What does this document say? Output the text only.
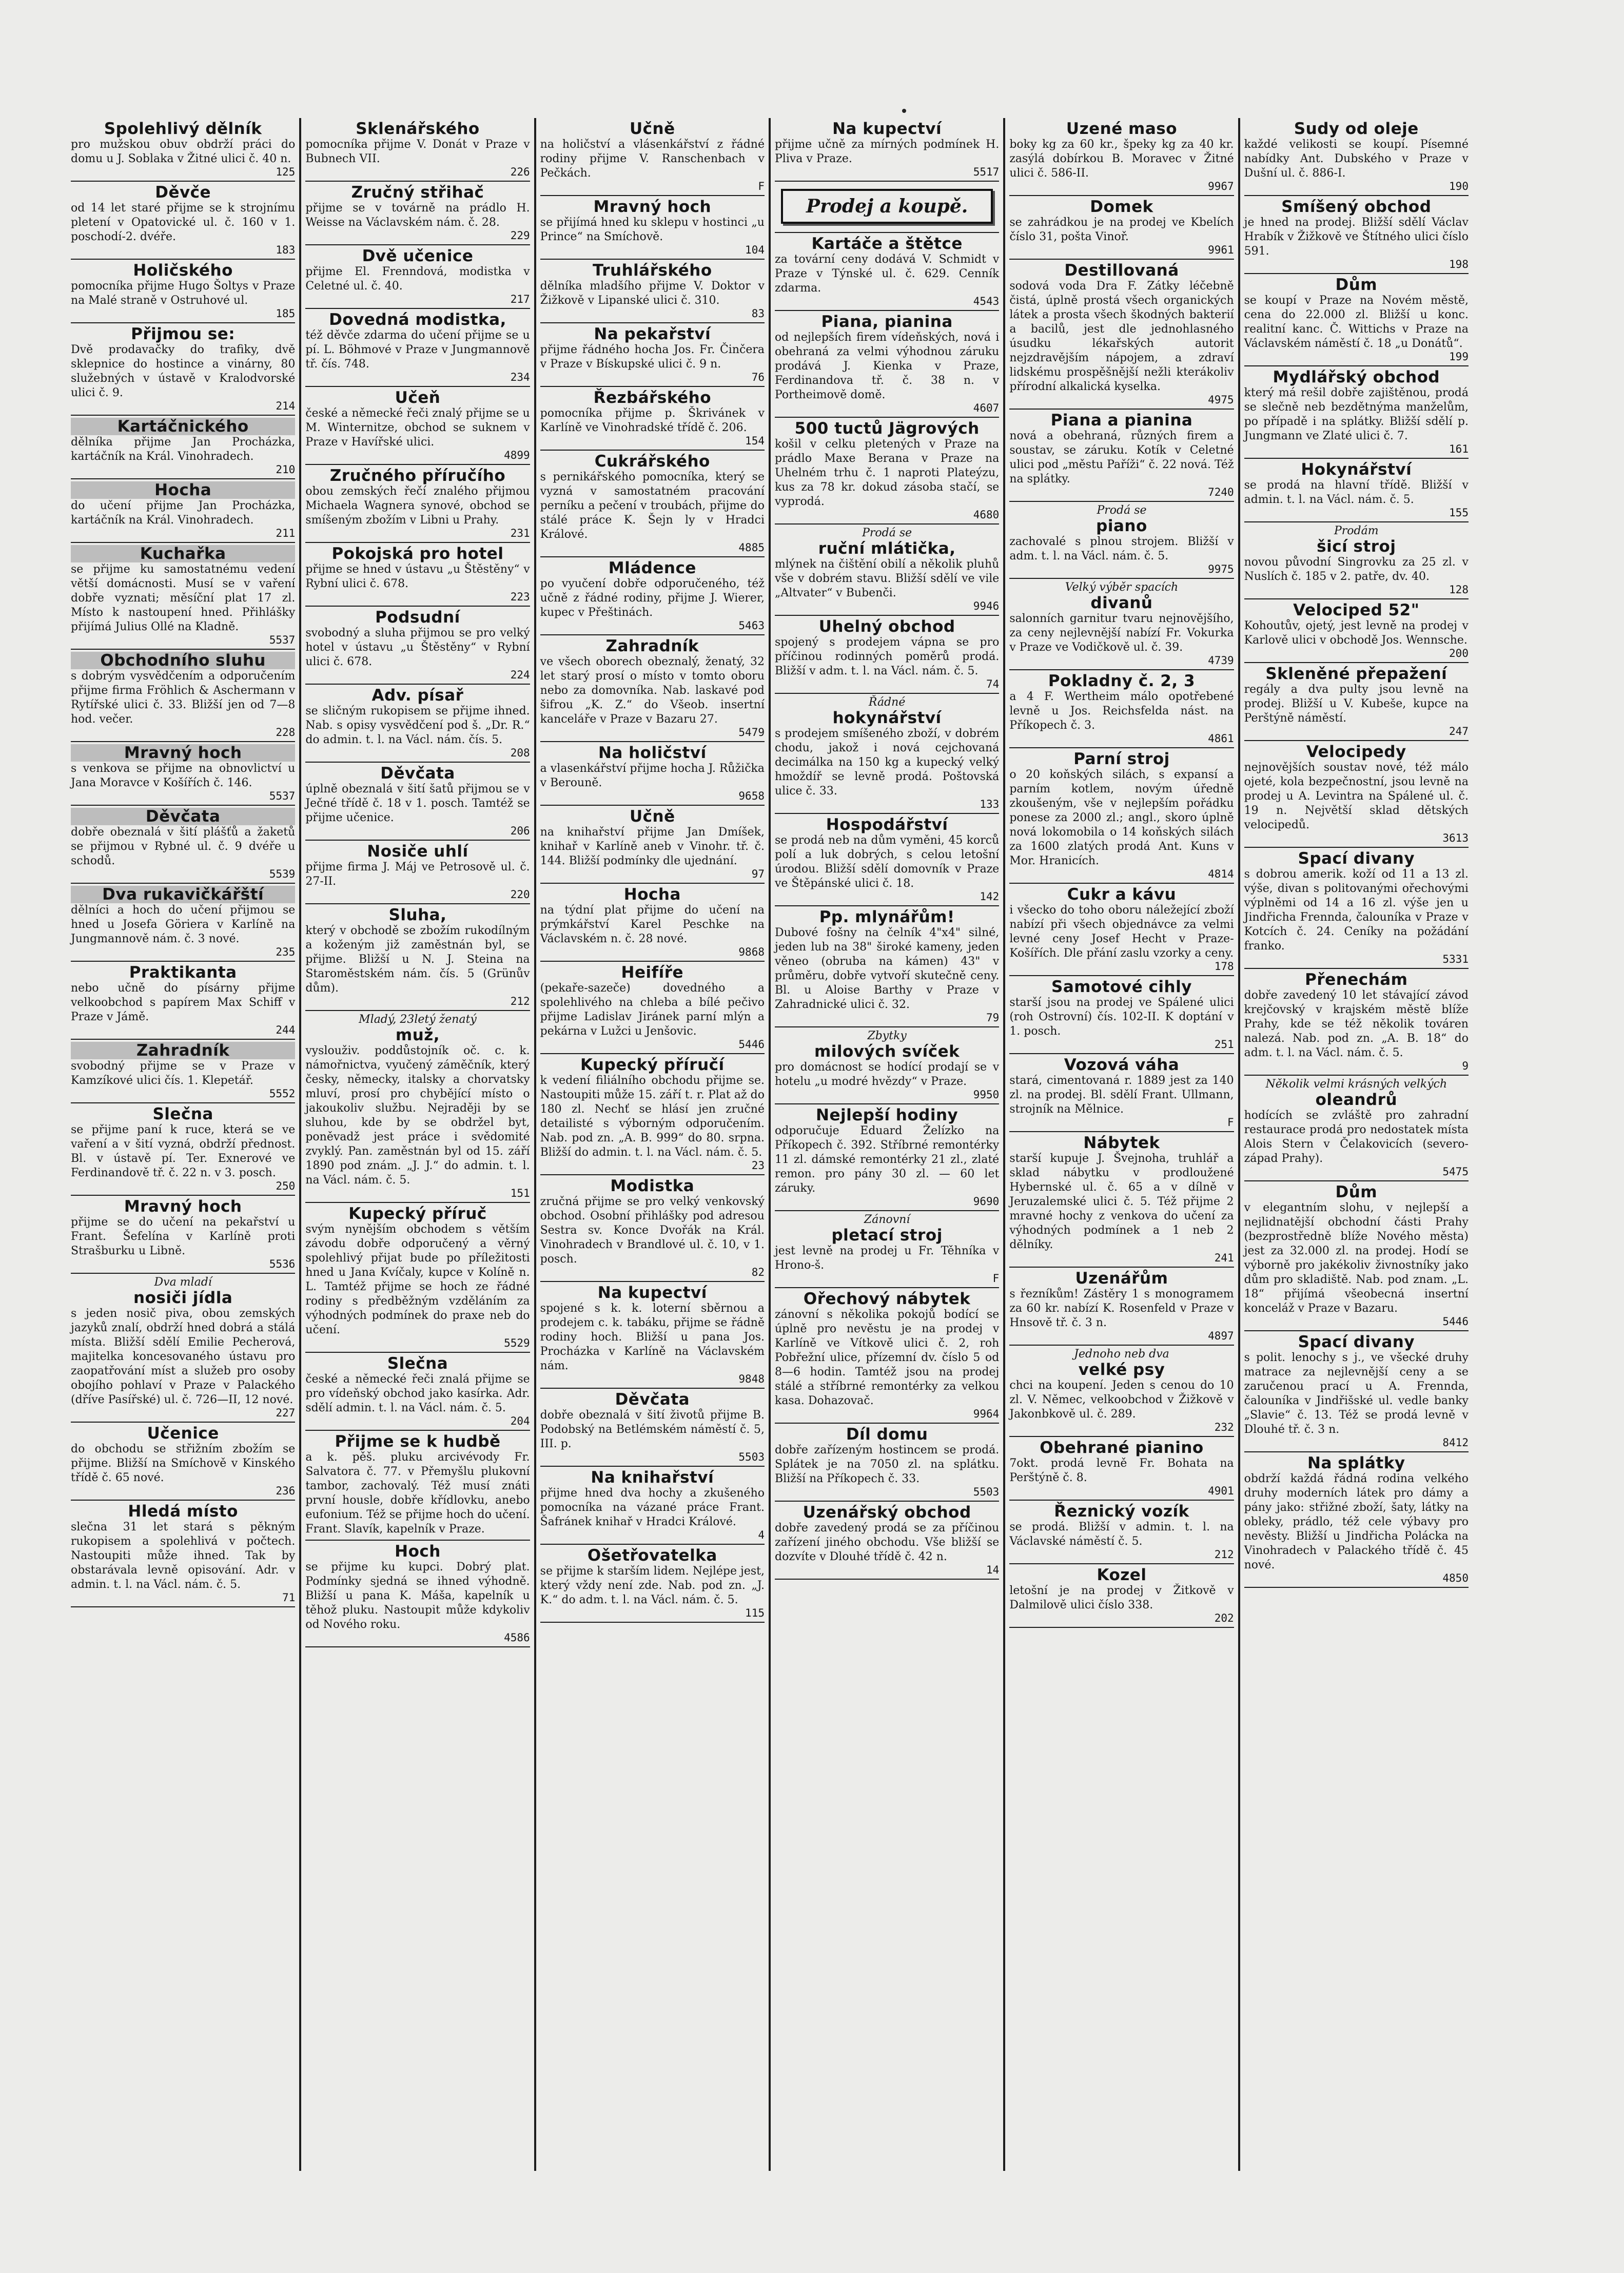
Spolehlivý dělník
pro mužskou obuv obdrží práci do domu u J. Soblaka v Žitné ulici č. 40 n.
125
Děvče
od 14 let staré přijme se k strojnímu pletení v Opatovické ul. č. 160 v 1. poschodí-2. dvéře.
183
Holičského
pomocníka přijme Hugo Šoltys v Praze na Malé straně v Ostruhové ul.
185
Přijmou se:
Dvě prodavačky do trafiky, dvě sklepnice do hostince a vinárny, 80 služebných v ústavě v Kralodvorské ulici č. 9.
214
Kartáčnického
dělníka přijme Jan Procházka, kartáčník na Král. Vinohradech.
210
Hocha
do učení přijme Jan Procházka, kartáčník na Král. Vinohradech.
211
Kuchařka
se přijme ku samostatnému vedení větší domácnosti. Musí se v vaření dobře vyznati; měsíční plat 17 zl. Místo k nastoupení hned. Přihlášky přijímá Julius Ollé na Kladně.
5537
Obchodního sluhu
s dobrým vysvědčením a odporučením přijme firma Fröhlich & Aschermann v Rytířské ulici č. 33. Bližší jen od 7—8 hod. večer.
228
Mravný hoch
s venkova se přijme na obnovlictví u Jana Moravce v Košířích č. 146.
5537
Děvčata
dobře obeznalá v šití plášťů a žaketů se přijmou v Rybné ul. č. 9 dvéře u schodů.
5539
Dva rukavičkářští
dělníci a hoch do učení přijmou se hned u Josefa Göriera v Karlíně na Jungmannově nám. č. 3 nové.
235
Praktikanta
nebo učně do písárny přijme velkoobchod s papírem Max Schiff v Praze v Jámě.
244
Zahradník
svobodný přijme se v Praze v Kamzíkové ulici čís. 1. Klepetář.
5552
Slečna
se přijme paní k ruce, která se ve vaření a v šití vyzná, obdrží přednost. Bl. v ústavě pí. Ter. Exnerové ve Ferdinandově tř. č. 22 n. v 3. posch.
250
Mravný hoch
přijme se do učení na pekařství u Frant. Šefelína v Karlíně proti Strašburku u Libně.
5536
Dva mladí
nosiči jídla
s jeden nosič piva, obou zemských jazyků znalí, obdrží hned dobrá a stálá místa. Bližší sdělí Emilie Pecherová, majitelka koncesovaného ústavu pro zaopatřování míst a služeb pro osoby obojího pohlaví v Praze v Palackého (dříve Pasířské) ul. č. 726—II, 12 nové.
227
Učenice
do obchodu se střižním zbožím se přijme. Bližší na Smíchově v Kinského třídě č. 65 nové.
236
Hledá místo
slečna 31 let stará s pěkným rukopisem a spolehlivá v počtech. Nastoupiti může ihned. Tak by obstarávala levně opisování. Adr. v admin. t. l. na Václ. nám. č. 5.
71
Sklenářského
pomocníka přijme V. Donát v Praze v Bubnech VII.
226
Zručný střihač
přijme se v továrně na prádlo H. Weisse na Václavském nám. č. 28.
229
Dvě učenice
přijme El. Frenndová, modistka v Celetné ul. č. 40.
217
Dovedná modistka,
též děvče zdarma do učení přijme se u pí. L. Böhmové v Praze v Jungmannově tř. čís. 748.
234
Učeň
české a německé řeči znalý přijme se u M. Winternitze, obchod se suknem v Praze v Havířské ulici.
4899
Zručného příručího
obou zemských řečí znalého přijmou Michaela Wagnera synové, obchod se smíšeným zbožím v Libni u Prahy.
231
Pokojská pro hotel
přijme se hned v ústavu „u Štěstěny“ v Rybní ulici č. 678.
223
Podsudní
svobodný a sluha přijmou se pro velký hotel v ústavu „u Štěstěny“ v Rybní ulici č. 678.
224
Adv. písař
se sličným rukopisem se přijme ihned. Nab. s opisy vysvědčení pod š. „Dr. R.“ do admin. t. l. na Václ. nám. čís. 5.
208
Děvčata
úplně obeznalá v šití šatů přijmou se v Ječné třídě č. 18 v 1. posch. Tamtéž se přijme učenice.
206
Nosiče uhlí
přijme firma J. Máj ve Petrosově ul. č. 27-II.
220
Sluha,
který v obchodě se zbožím rukodílným a koženým již zaměstnán byl, se přijme. Bližší u N. J. Steina na Staroměstském nám. čís. 5 (Grünův dům).
212
Mladý, 23letý ženatý
muž,
vyslouživ. poddůstojník oč. c. k. námořnictva, vyučený záměčník, který česky, německy, italsky a chorvatsky mluví, prosí pro chybějící místo o jakoukoliv službu. Nejraději by se sluhou, kde by se obdržel byt, poněvadž jest práce i svědomité zvyklý. Pan. zaměstnán byl od 15. září 1890 pod znám. „J. J.“ do admin. t. l. na Václ. nám. č. 5.
151
Kupecký příruč
svým nynějším obchodem s větším závodu dobře odporučený a věrný spolehlivý přijat bude po příležitosti hned u Jana Kvíčaly, kupce v Kolíně n. L. Tamtéž přijme se hoch ze řádné rodiny s předběžným vzděláním za výhodných podmínek do praxe neb do učení.
5529
Slečna
české a německé řeči znalá přijme se pro vídeňský obchod jako kasírka. Adr. sdělí admin. t. l. na Václ. nám. č. 5.
204
Přijme se k hudbě
a k. pěš. pluku arcivévody Fr. Salvatora č. 77. v Přemyšlu plukovní tambor, zachovalý. Též musí znáti první housle, dobře křídlovku, anebo eufonium. Též se přijme hoch do učení. Frant. Slavík, kapelník v Praze.
Hoch
se přijme ku kupci. Dobrý plat. Podmínky sjedná se ihned výhodně. Bližší u pana K. Máša, kapelník u těhož pluku. Nastoupit může kdykoliv od Nového roku.
4586
Učně
na holičství a vlásenkářství z řádné rodiny přijme V. Ranschenbach v Pečkách.
F
Mravný hoch
se přijímá hned ku sklepu v hostinci „u Prince“ na Smíchově.
104
Truhlářského
dělníka mladšího přijme V. Doktor v Žižkově v Lipanské ulici č. 310.
83
Na pekařství
přijme řádného hocha Jos. Fr. Činčera v Praze v Bískupské ulici č. 9 n.
76
Řezbářského
pomocníka přijme p. Škrivánek v Karlíně ve Vinohradské třídě č. 206.
154
Cukrářského
s pernikářského pomocníka, který se vyzná v samostatném pracování perníku a pečení v troubách, přijme do stálé práce K. Šejn ly v Hradci Králové.
4885
Mládence
po vyučení dobře odporučeného, též učně z řádné rodiny, přijme J. Wierer, kupec v Přeštinách.
5463
Zahradník
ve všech oborech obeznalý, ženatý, 32 let starý prosí o místo v tomto oboru nebo za domovníka. Nab. laskavé pod šifrou „K. Z.“ do Všeob. insertní kanceláře v Praze v Bazaru 27.
5479
Na holičství
a vlasenkářství přijme hocha J. Růžička v Berouně.
9658
Učně
na knihařství přijme Jan Dmíšek, knihař v Karlíně aneb v Vinohr. tř. č. 144. Bližší podmínky dle ujednání.
97
Hocha
na týdní plat přijme do učení na prýmkářství Karel Peschke na Václavském n. č. 28 nové.
9868
Heifíře
(pekaře-sazeče) dovedného a spolehlivého na chleba a bílé pečivo přijme Ladislav Jiránek parní mlýn a pekárna v Lužci u Jenšovic.
5446
Kupecký příručí
k vedení filiálního obchodu přijme se. Nastoupiti může 15. září t. r. Plat až do 180 zl. Nechť se hlásí jen zručné detailisté s výborným odporučením. Nab. pod zn. „A. B. 999“ do 80. srpna. Bližší do admin. t. l. na Václ. nám. č. 5.
23
Modistka
zručná přijme se pro velký venkovský obchod. Osobní přihlášky pod adresou Sestra sv. Konce Dvořák na Král. Vinohradech v Brandlové ul. č. 10, v 1. posch.
82
Na kupectví
spojené s k. k. loterní sběrnou a prodejem c. k. tabáku, přijme se řádně rodiny hoch. Bližší u pana Jos. Procházka v Karlíně na Václavském nám.
9848
Děvčata
dobře obeznalá v šití životů přijme B. Podobský na Betlémském náměstí č. 5, III. p.
5503
Na knihařství
přijme hned dva hochy a zkušeného pomocníka na vázané práce Frant. Šafránek knihař v Hradci Králové.
4
Ošetřovatelka
se přijme k starším lidem. Nejlépe jest, který vždy není zde. Nab. pod zn. „J. K.“ do adm. t. l. na Václ. nám. č. 5.
115
Na kupectví
přijme učně za mírných podmínek H. Pliva v Praze.
5517
Prodej a koupě.
Kartáče a štětce
za tovární ceny dodává V. Schmidt v Praze v Týnské ul. č. 629. Cenník zdarma.
4543
Piana, pianina
od nejlepších firem vídeňských, nová i obehraná za velmi výhodnou záruku prodává J. Kienka v Praze, Ferdinandova tř. č. 38 n. v Portheimově domě.
4607
500 tuctů Jägrových
košil v celku pletených v Praze na prádlo Maxe Berana v Praze na Uhelném trhu č. 1 naproti Plateýzu, kus za 78 kr. dokud zásoba stačí, se vyprodá.
4680
Prodá se
ruční mlátička,
mlýnek na čištění obilí a několik pluhů vše v dobrém stavu. Bližší sdělí ve vile „Altvater“ v Bubenči.
9946
Uhelný obchod
spojený s prodejem vápna se pro příčinou rodinných poměrů prodá. Bližší v adm. t. l. na Václ. nám. č. 5.
74
Řádné
hokynářství
s prodejem smíšeného zboží, v dobrém chodu, jakož i nová cejchovaná decimálka na 150 kg a kupecký velký hmoždíř se levně prodá. Poštovská ulice č. 33.
133
Hospodářství
se prodá neb na dům vyměni, 45 korců polí a luk dobrých, s celou letošní úrodou. Bližší sdělí domovník v Praze ve Štěpánské ulici č. 18.
142
Pp. mlynářům!
Dubové fošny na čelník 4"x4" silné, jeden lub na 38" široké kameny, jeden věneo (obruba na kámen) 43" v průměru, dobře vytvoří skutečně ceny. Bl. u Aloise Barthy v Praze v Zahradnické ulici č. 32.
79
Zbytky
milových svíček
pro domácnost se hodící prodají se v hotelu „u modré hvězdy“ v Praze.
9950
Nejlepší hodiny
odporučuje Eduard Želízko na Příkopech č. 392. Stříbrné remontérky 11 zl. dámské remontérky 21 zl., zlaté remon. pro pány 30 zl. — 60 let záruky.
9690
Zánovní
pletací stroj
jest levně na prodej u Fr. Těhníka v Hrono-š.
F
Ořechový nábytek
zánovní s několika pokojů bodící se úplně pro nevěstu je na prodej v Karlíně ve Vítkově ulici č. 2, roh Pobřežní ulice, přízemní dv. číslo 5 od 8—6 hodin. Tamtéž jsou na prodej stálé a stříbrné remontérky za velkou kasa. Dohazovač.
9964
Díl domu
dobře zařízeným hostincem se prodá. Splátek je na 7050 zl. na splátku. Bližší na Příkopech č. 33.
5503
Uzenářský obchod
dobře zavedený prodá se za příčinou zařízení jiného obchodu. Vše bližší se dozvíte v Dlouhé třídě č. 42 n.
14
Uzené maso
boky kg za 60 kr., špeky kg za 40 kr. zasýlá dobírkou B. Moravec v Žitné ulici č. 586-II.
9967
Domek
se zahrádkou je na prodej ve Kbelích číslo 31, pošta Vinoř.
9961
Destillovaná
sodová voda Dra F. Zátky léčebně čistá, úplně prostá všech organických látek a prosta všech škodných bakterií a bacilů, jest dle jednohlasného úsudku lékařských autorit nejzdravějším nápojem, a zdraví lidskému prospěšnější nežli kterákoliv přírodní alkalická kyselka.
4975
Piana a pianina
nová a obehraná, různých firem a soustav, se záruku. Kotík v Celetné ulici pod „městu Paříži“ č. 22 nová. Též na splátky.
7240
Prodá se
piano
zachovalé s plnou strojem. Bližší v adm. t. l. na Václ. nám. č. 5.
9975
Velký výběr spacích
divanů
salonních garnitur tvaru nejnovějšího, za ceny nejlevnější nabízí Fr. Vokurka v Praze ve Vodičkově ul. č. 39.
4739
Pokladny č. 2, 3
a 4 F. Wertheim málo opotřebené levně u Jos. Reichsfelda nást. na Příkopech č. 3.
4861
Parní stroj
o 20 koňských silách, s expansí a parním kotlem, novým úředně zkoušeným, vše v nejlepším pořádku ponese za 2000 zl.; angl., skoro úplně nová lokomobila o 14 koňských silách za 1600 zlatých prodá Ant. Kuns v Mor. Hranicích.
4814
Cukr a kávu
i všecko do toho oboru náležející zboží nabízí při všech objednávce za velmi levné ceny Josef Hecht v Praze-Košířích. Dle přání zaslu vzorky a ceny.
178
Samotové cihly
starší jsou na prodej ve Spálené ulici (roh Ostrovní) čís. 102-II. K doptání v 1. posch.
251
Vozová váha
stará, cimentovaná r. 1889 jest za 140 zl. na prodej. Bl. sdělí Frant. Ullmann, strojník na Mělnice.
F
Nábytek
starší kupuje J. Švejnoha, truhlář a sklad nábytku v prodloužené Hybernské ul. č. 65 a v dílně v Jeruzalemské ulici č. 5. Též přijme 2 mravné hochy z venkova do učení za výhodných podmínek a 1 neb 2 dělníky.
241
Uzenářům
s řezníkům! Zástěry 1 s monogramem za 60 kr. nabízí K. Rosenfeld v Praze v Hnsově tř. č. 3 n.
4897
Jednoho neb dva
velké psy
chci na koupení. Jeden s cenou do 10 zl. V. Němec, velkoobchod v Žižkově v Jakonbkově ul. č. 289.
232
Obehrané pianino
7okt. prodá levně Fr. Bohata na Perštýně č. 8.
4901
Řeznický vozík
se prodá. Bližší v admin. t. l. na Václavské náměstí č. 5.
212
Kozel
letošní je na prodej v Žitkově v Dalmilově ulici číslo 338.
202
Sudy od oleje
každé velikosti se koupí. Písemné nabídky Ant. Dubského v Praze v Dušní ul. č. 886-I.
190
Smíšený obchod
je hned na prodej. Bližší sdělí Václav Hrabík v Žižkově ve Štítného ulici číslo 591.
198
Dům
se koupí v Praze na Novém městě, cena do 22.000 zl. Bližší u konc. realitní kanc. Č. Wittichs v Praze na Václavském náměstí č. 18 „u Donátů“.
199
Mydlářský obchod
který má rešil dobře zajištěnou, prodá se slečně neb bezdětnýma manželům, po případě i na splátky. Bližší sdělí p. Jungmann ve Zlaté ulici č. 7.
161
Hokynářství
se prodá na hlavní třídě. Bližší v admin. t. l. na Václ. nám. č. 5.
155
Prodám
šicí stroj
novou původní Singrovku za 25 zl. v Nuslích č. 185 v 2. patře, dv. 40.
128
Velociped 52"
Kohoutův, ojetý, jest levně na prodej v Karlově ulici v obchodě Jos. Wennsche.
200
Skleněné přepažení
regály a dva pulty jsou levně na prodej. Bližší u V. Kubeše, kupce na Perštýně náměstí.
247
Velocipedy
nejnovějších soustav nové, též málo ojeté, kola bezpečnostní, jsou levně na prodej u A. Levintra na Spálené ul. č. 19 n. Největší sklad dětských velocipedů.
3613
Spací divany
s dobrou amerik. koží od 11 a 13 zl. výše, divan s politovanými ořechovými výplněmi od 14 a 16 zl. výše jen u Jindřicha Frennda, čalouníka v Praze v Kotcích č. 24. Ceníky na požádání franko.
5331
Přenechám
dobře zavedený 10 let stávající závod krejčovský v krajském městě blíže Prahy, kde se též několik továren nalezá. Nab. pod zn. „A. B. 18“ do adm. t. l. na Václ. nám. č. 5.
9
Několik velmi krásných velkých
oleandrů
hodících se zvláště pro zahradní restaurace prodá pro nedostatek místa Alois Stern v Čelakovicích (severo-západ Prahy).
5475
Dům
v elegantním slohu, v nejlepší a nejlidnatější obchodní části Prahy (bezprostředně blíže Nového města) jest za 32.000 zl. na prodej. Hodí se výborně pro jakékoliv živnostníky jako dům pro skladiště. Nab. pod znam. „L. 18“ přijímá všeobecná insertní konceláž v Praze v Bazaru.
5446
Spací divany
s polit. lenochy s j., ve všecké druhy matrace za nejlevnější ceny a se zaručenou prací u A. Frennda, čalouníka v Jindřišské ul. vedle banky „Slavie“ č. 13. Též se prodá levně v Dlouhé tř. č. 3 n.
8412
Na splátky
obdrží každá řádná rodina velkého druhy moderních látek pro dámy a pány jako: střižné zboží, šaty, látky na obleky, prádlo, též cele výbavy pro nevěsty. Bližší u Jindřicha Polácka na Vinohradech v Palackého třídě č. 45 nové.
4850
